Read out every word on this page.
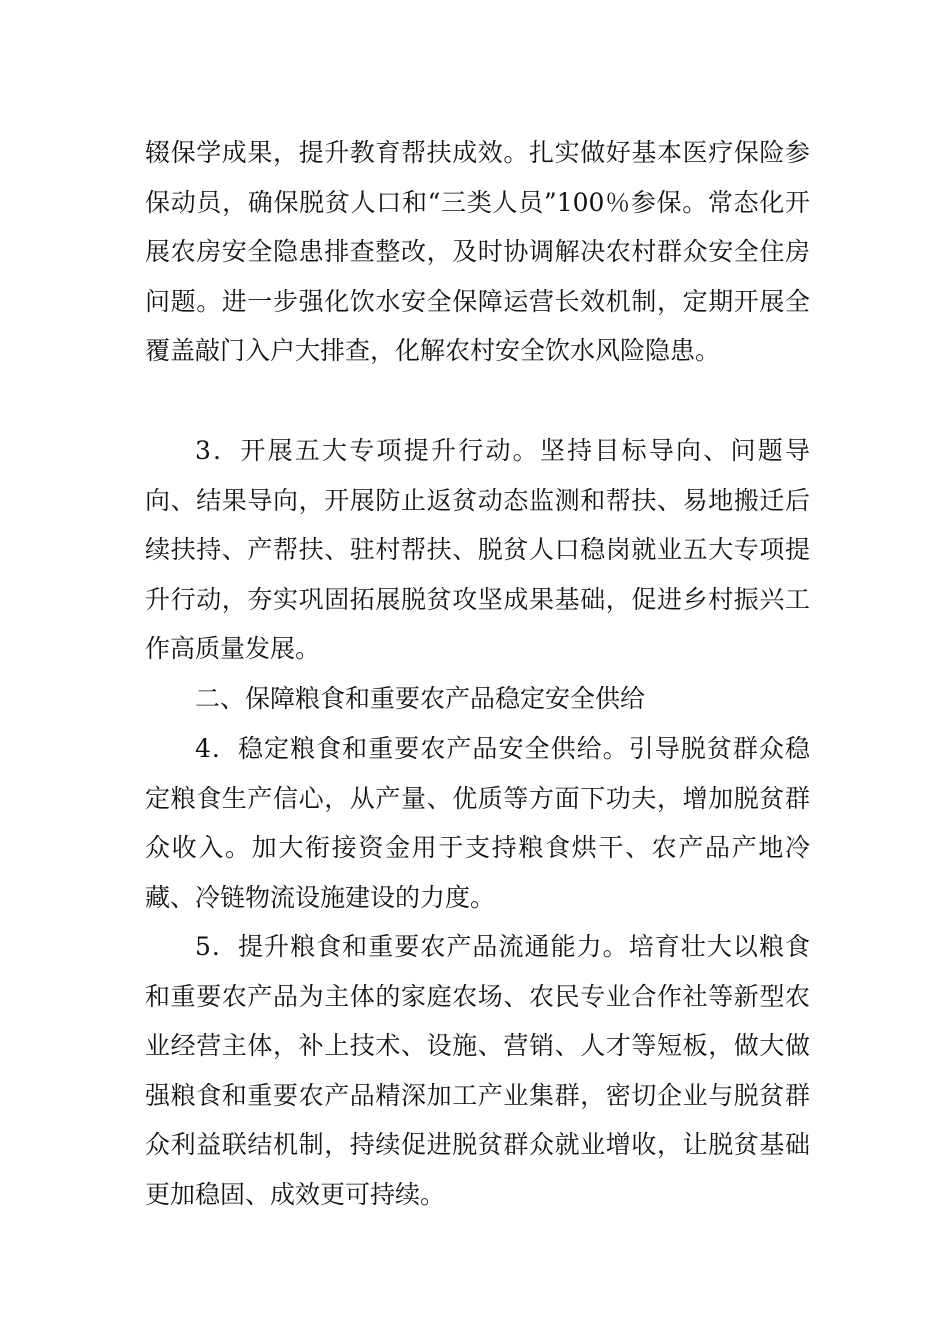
辍保学成果，提升教育帮扶成效。扎实做好基本医疗保险参保动员，确保脱贫人口和“三类人员”100％参保。常态化开展农房安全隐患排查整改，及时协调解决农村群众安全住房问题。进一步强化饮水安全保障运营长效机制，定期开展全覆盖敲门入户大排查，化解农村安全饮水风险隐患。

3．开展五大专项提升行动。坚持目标导向、问题导向、结果导向，开展防止返贫动态监测和帮扶、易地搬迁后续扶持、产帮扶、驻村帮扶、脱贫人口稳岗就业五大专项提升行动，夯实巩固拓展脱贫攻坚成果基础，促进乡村振兴工作高质量发展。

二、保障粮食和重要农产品稳定安全供给

4．稳定粮食和重要农产品安全供给。引导脱贫群众稳定粮食生产信心，从产量、优质等方面下功夫，增加脱贫群众收入。加大衔接资金用于支持粮食烘干、农产品产地冷藏、冷链物流设施建设的力度。

5．提升粮食和重要农产品流通能力。培育壮大以粮食和重要农产品为主体的家庭农场、农民专业合作社等新型农业经营主体，补上技术、设施、营销、人才等短板，做大做强粮食和重要农产品精深加工产业集群，密切企业与脱贫群众利益联结机制，持续促进脱贫群众就业增收，让脱贫基础更加稳固、成效更可持续。
